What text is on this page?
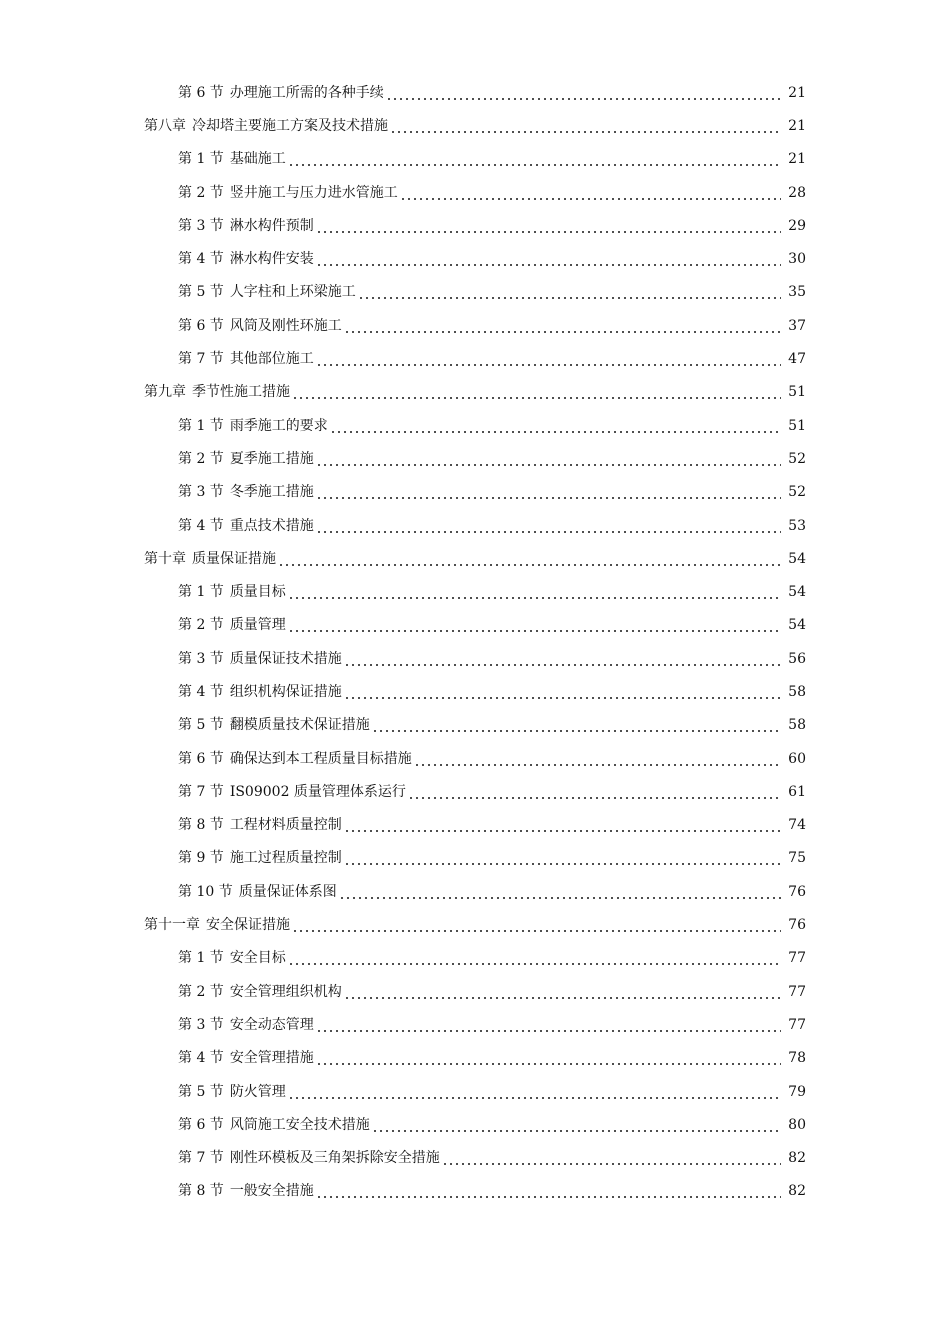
第 6 节 办理施工所需的各种手续	21
第八章 冷却塔主要施工方案及技术措施	21
第 1 节 基础施工	21
第 2 节 竖井施工与压力进水管施工	28
第 3 节 淋水构件预制	29
第 4 节 淋水构件安装	30
第 5 节 人字柱和上环梁施工	35
第 6 节 风筒及刚性环施工	37
第 7 节 其他部位施工	47
第九章 季节性施工措施	51
第 1 节 雨季施工的要求	51
第 2 节 夏季施工措施	52
第 3 节 冬季施工措施	52
第 4 节 重点技术措施	53
第十章 质量保证措施	54
第 1 节 质量目标	54
第 2 节 质量管理	54
第 3 节 质量保证技术措施	56
第 4 节 组织机构保证措施	58
第 5 节 翻模质量技术保证措施	58
第 6 节 确保达到本工程质量目标措施	60
第 7 节 IS09002 质量管理体系运行	61
第 8 节 工程材料质量控制	74
第 9 节 施工过程质量控制	75
第 10 节 质量保证体系图	76
第十一章 安全保证措施	76
第 1 节 安全目标	77
第 2 节 安全管理组织机构	77
第 3 节 安全动态管理	77
第 4 节 安全管理措施	78
第 5 节 防火管理	79
第 6 节 风筒施工安全技术措施	80
第 7 节 刚性环模板及三角架拆除安全措施	82
第 8 节 一般安全措施	82
